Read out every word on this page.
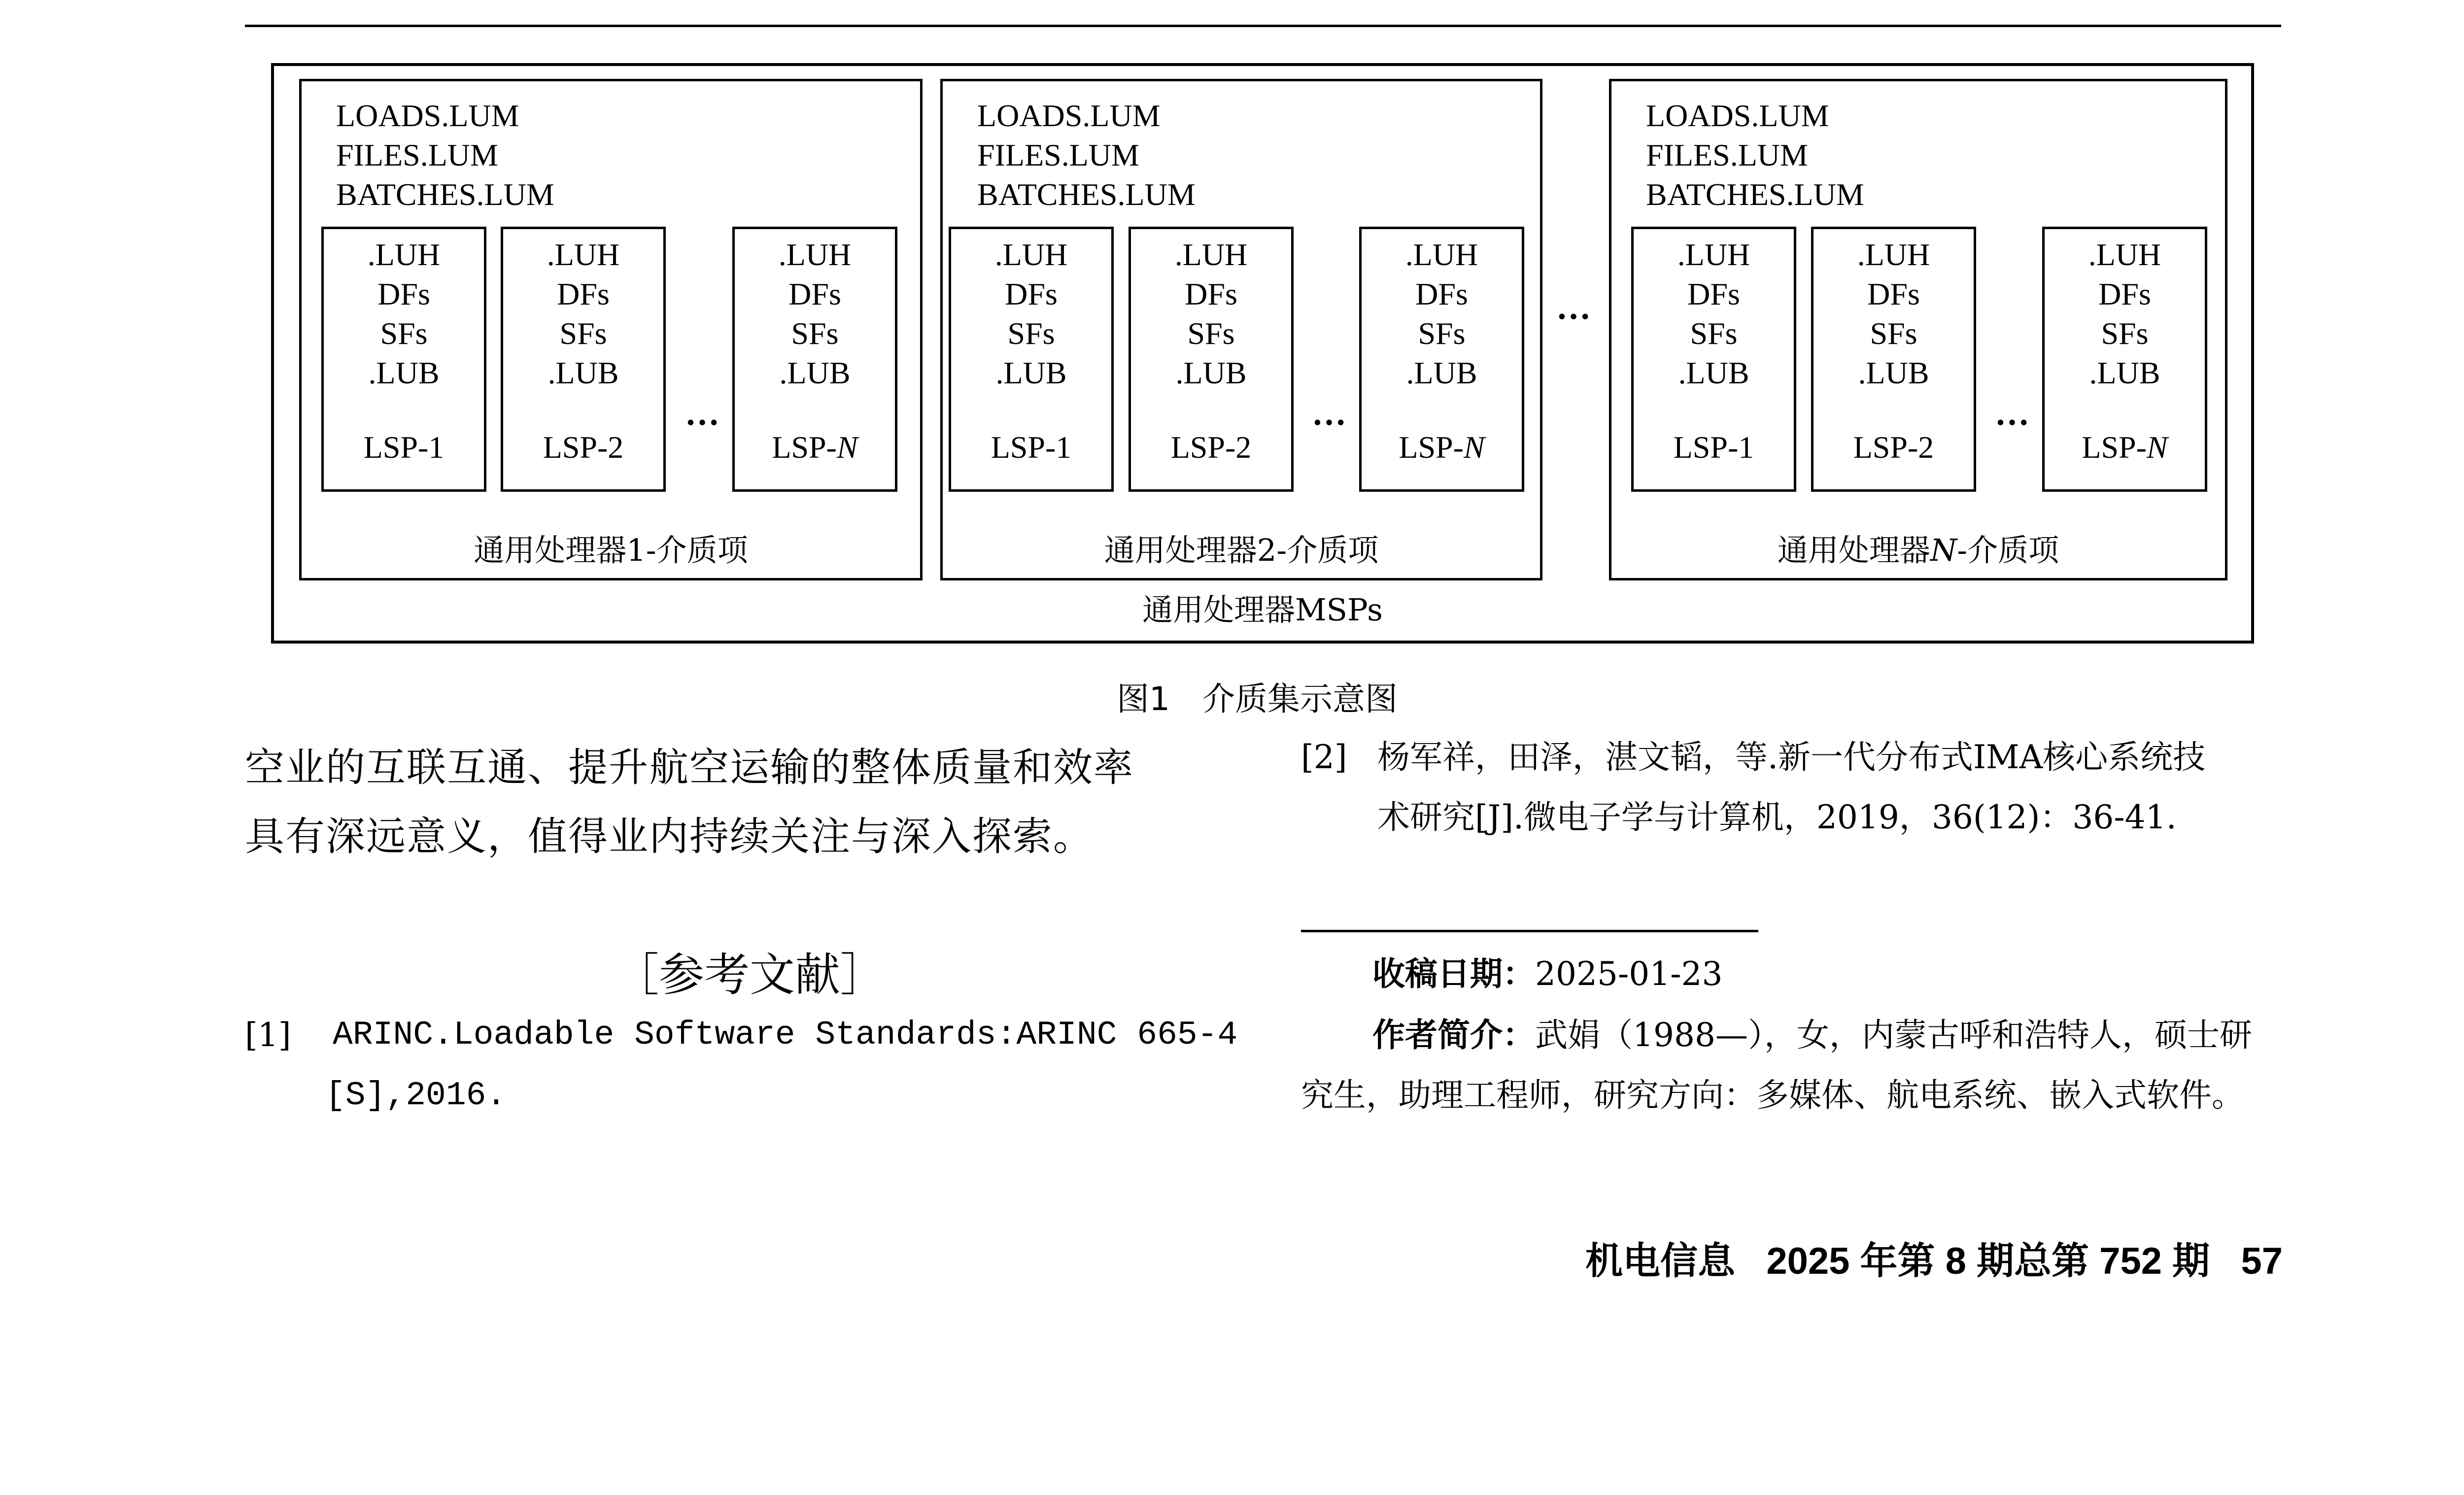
通用处理器1-介质项
LOADS.LUM
FILES.LUM
BATCHES.LUM
.LUH
DFs
SFs
.LUB
LSP-1
.LUH
DFs
SFs
.LUB
LSP-2
.LUH
DFs
SFs
.LUB
LSP-N
…
通用处理器2-介质项
LOADS.LUM
FILES.LUM
BATCHES.LUM
.LUH
DFs
SFs
.LUB
LSP-1
.LUH
DFs
SFs
.LUB
LSP-2
.LUH
DFs
SFs
.LUB
LSP-N
…
通用处理器N-介质项
LOADS.LUM
FILES.LUM
BATCHES.LUM
.LUH
DFs
SFs
.LUB
LSP-1
.LUH
DFs
SFs
.LUB
LSP-2
.LUH
DFs
SFs
.LUB
LSP-N
…
…
通用处理器MSPs
图1　介质集示意图
空业的互联互通、提升航空运输的整体质量和效率
具有深远意义，值得业内持续关注与深入探索。
［参考文献］
[1] ARINC.Loadable Software Standards:ARINC 665-4
[S],2016.
[2] 杨军祥，田泽，湛文韬，等.新一代分布式IMA核心系统技
术研究[J].微电子学与计算机，2019，36(12)：36-41.
收稿日期：2025-01-23
作者简介：武娟（1988—），女，内蒙古呼和浩特人，硕士研
究生，助理工程师，研究方向：多媒体、航电系统、嵌入式软件。
机电信息 2025 年第 8 期总第 752 期 57
